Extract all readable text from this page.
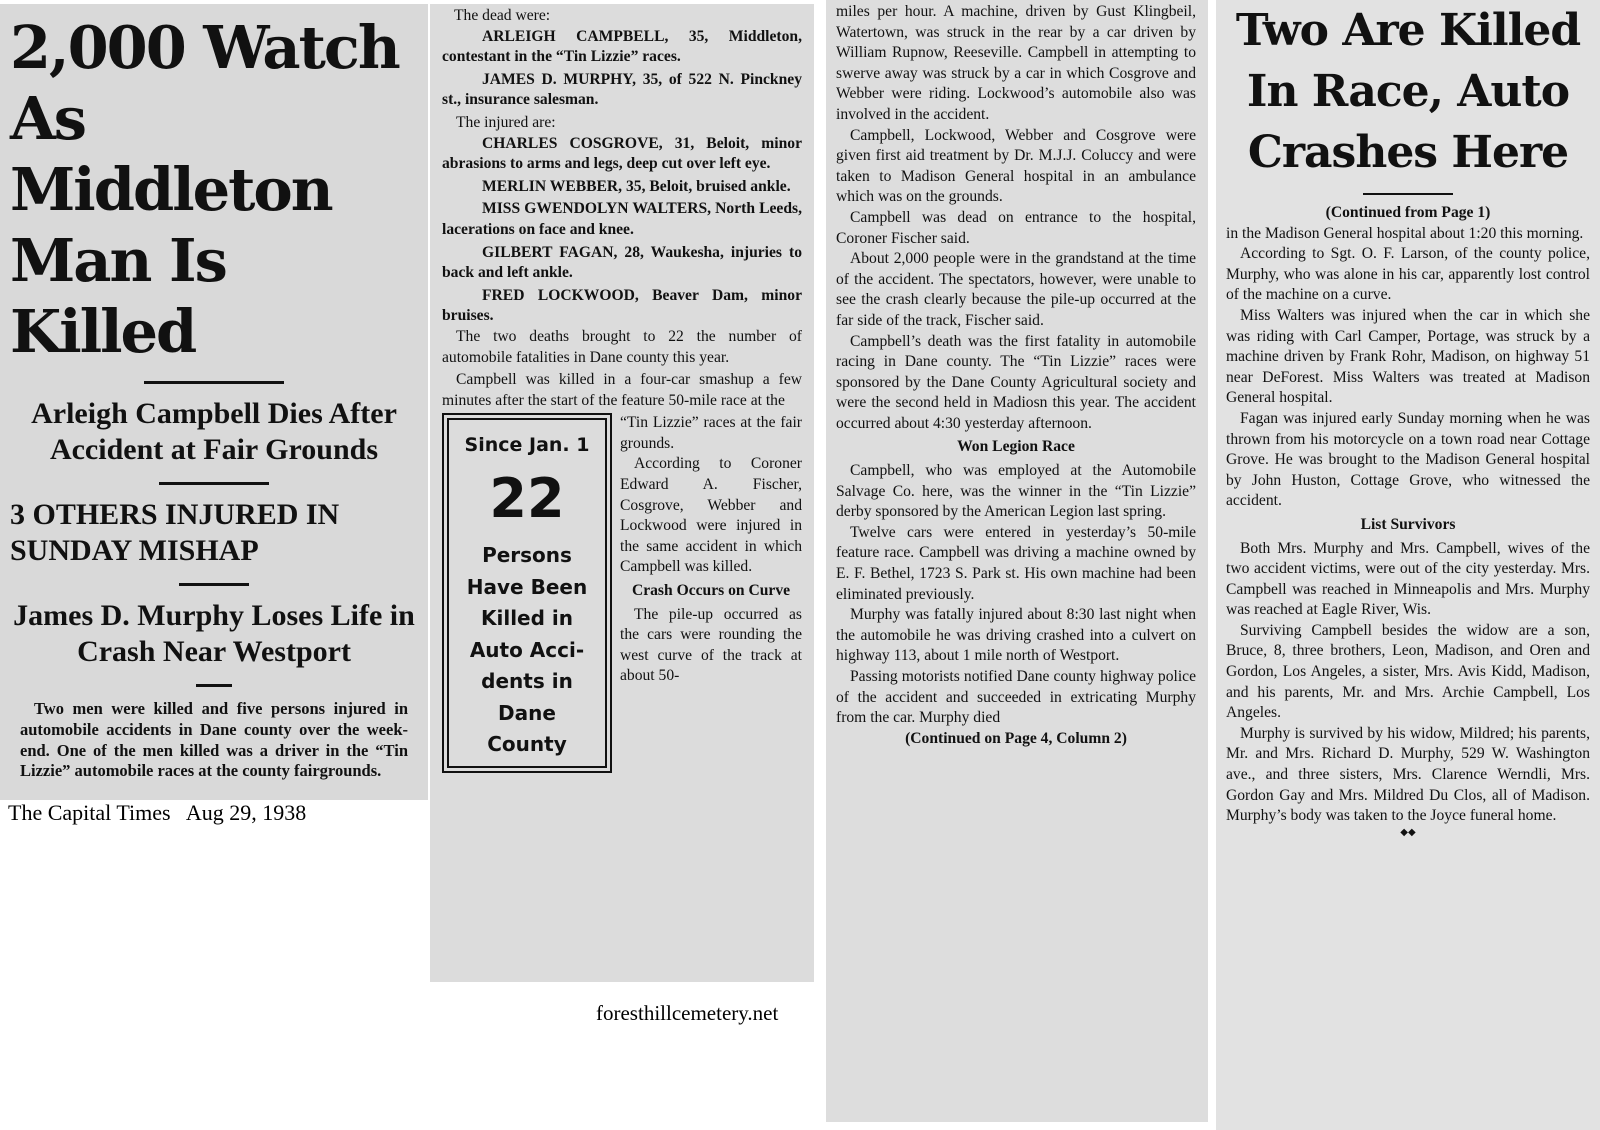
2,000 Watch As Middleton Man Is Killed
Arleigh Campbell Dies After Accident at Fair Grounds
3 OTHERS INJURED IN SUNDAY MISHAP
James D. Murphy Loses Life in Crash Near Westport

Two men were killed and five persons injured in automobile accidents in Dane county over the week-end. One of the men killed was a driver in the “Tin Lizzie” automobile races at the county fairgrounds.

The Capital Times   Aug 29, 1938

The dead were:

ARLEIGH CAMPBELL, 35, Middleton, contestant in the “Tin Lizzie” races.

JAMES D. MURPHY, 35, of 522 N. Pinckney st., insurance salesman.

The injured are:

CHARLES COSGROVE, 31, Beloit, minor abrasions to arms and legs, deep cut over left eye.

MERLIN WEBBER, 35, Beloit, bruised ankle.

MISS GWENDOLYN WALTERS, North Leeds, lacerations on face and knee.

GILBERT FAGAN, 28, Waukesha, injuries to back and left ankle.

FRED LOCKWOOD, Beaver Dam, minor bruises.

The two deaths brought to 22 the number of automobile fatalities in Dane county this year.

Campbell was killed in a four-car smashup a few minutes after the start of the feature 50-mile race at the

Since Jan. 1
22
Persons
Have Been
Killed in
Auto Acci-
dents in
Dane
County

“Tin Lizzie” races at the fair grounds.

According to Coroner Edward A. Fischer, Cosgrove, Webber and Lockwood were injured in the same accident in which Campbell was killed.

Crash Occurs on Curve

The pile-up occurred as the cars were rounding the west curve of the track at about 50-

foresthillcemetery.net

miles per hour. A machine, driven by Gust Klingbeil, Watertown, was struck in the rear by a car driven by William Rupnow, Reeseville. Campbell in attempting to swerve away was struck by a car in which Cosgrove and Webber were riding. Lockwood’s automobile also was involved in the accident.

Campbell, Lockwood, Webber and Cosgrove were given first aid treatment by Dr. M.J.J. Coluccy and were taken to Madison General hospital in an ambulance which was on the grounds.

Campbell was dead on entrance to the hospital, Coroner Fischer said.

About 2,000 people were in the grandstand at the time of the accident. The spectators, however, were unable to see the crash clearly because the pile-up occurred at the far side of the track, Fischer said.

Campbell’s death was the first fatality in automobile racing in Dane county. The “Tin Lizzie” races were sponsored by the Dane County Agricultural society and were the second held in Madiosn this year. The accident occurred about 4:30 yesterday afternoon.

Won Legion Race

Campbell, who was employed at the Automobile Salvage Co. here, was the winner in the “Tin Lizzie” derby sponsored by the American Legion last spring.

Twelve cars were entered in yesterday’s 50-mile feature race. Campbell was driving a machine owned by E. F. Bethel, 1723 S. Park st. His own machine had been eliminated previously.

Murphy was fatally injured about 8:30 last night when the automobile he was driving crashed into a culvert on highway 113, about 1 mile north of Westport.

Passing motorists notified Dane county highway police of the accident and succeeded in extricating Murphy from the car. Murphy died

(Continued on Page 4, Column 2)

Two Are Killed In Race, Auto Crashes Here

(Continued from Page 1)

in the Madison General hospital about 1:20 this morning.

According to Sgt. O. F. Larson, of the county police, Murphy, who was alone in his car, apparently lost control of the machine on a curve.

Miss Walters was injured when the car in which she was riding with Carl Camper, Portage, was struck by a machine driven by Frank Rohr, Madison, on highway 51 near DeForest. Miss Walters was treated at Madison General hospital.

Fagan was injured early Sunday morning when he was thrown from his motorcycle on a town road near Cottage Grove. He was brought to the Madison General hospital by John Huston, Cottage Grove, who witnessed the accident.

List Survivors

Both Mrs. Murphy and Mrs. Campbell, wives of the two accident victims, were out of the city yesterday. Mrs. Campbell was reached in Minneapolis and Mrs. Murphy was reached at Eagle River, Wis.

Surviving Campbell besides the widow are a son, Bruce, 8, three brothers, Leon, Madison, and Oren and Gordon, Los Angeles, a sister, Mrs. Avis Kidd, Madison, and his parents, Mr. and Mrs. Archie Campbell, Los Angeles.

Murphy is survived by his widow, Mildred; his parents, Mr. and Mrs. Richard D. Murphy, 529 W. Washington ave., and three sisters, Mrs. Clarence Werndli, Mrs. Gordon Gay and Mrs. Mildred Du Clos, all of Madison. Murphy’s body was taken to the Joyce funeral home.

◆◆
